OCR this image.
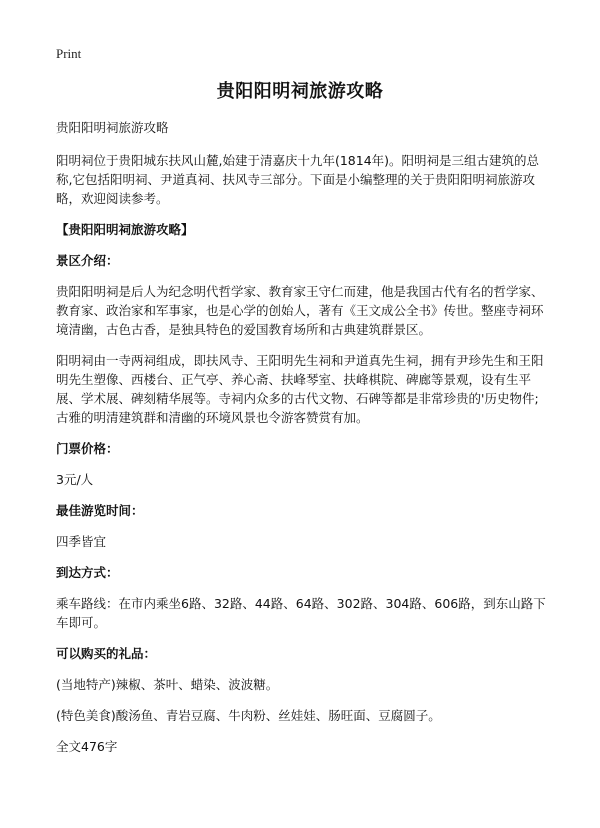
Print
贵阳阳明祠旅游攻略

贵阳阳明祠旅游攻略

阳明祠位于贵阳城东扶风山麓,始建于清嘉庆十九年(1814年)。阳明祠是三组古建筑的总称,它包括阳明祠、尹道真祠、扶风寺三部分。下面是小编整理的关于贵阳阳明祠旅游攻略，欢迎阅读参考。

【贵阳阳明祠旅游攻略】

景区介绍：

贵阳阳明祠是后人为纪念明代哲学家、教育家王守仁而建，他是我国古代有名的哲学家、教育家、政治家和军事家，也是心学的创始人，著有《王文成公全书》传世。整座寺祠环境清幽，古色古香，是独具特色的爱国教育场所和古典建筑群景区。

阳明祠由一寺两祠组成，即扶风寺、王阳明先生祠和尹道真先生祠，拥有尹珍先生和王阳明先生塑像、西楼台、正气亭、养心斋、扶峰琴室、扶峰棋院、碑廊等景观，设有生平展、学术展、碑刻精华展等。寺祠内众多的古代文物、石碑等都是非常珍贵的'历史物件;古雅的明清建筑群和清幽的环境风景也令游客赞赏有加。

门票价格：

3元/人

最佳游览时间：

四季皆宜

到达方式：

乘车路线：在市内乘坐6路、32路、44路、64路、302路、304路、606路，到东山路下车即可。

可以购买的礼品：

(当地特产)辣椒、茶叶、蜡染、波波糖。

(特色美食)酸汤鱼、青岩豆腐、牛肉粉、丝娃娃、肠旺面、豆腐圆子。

全文476字
